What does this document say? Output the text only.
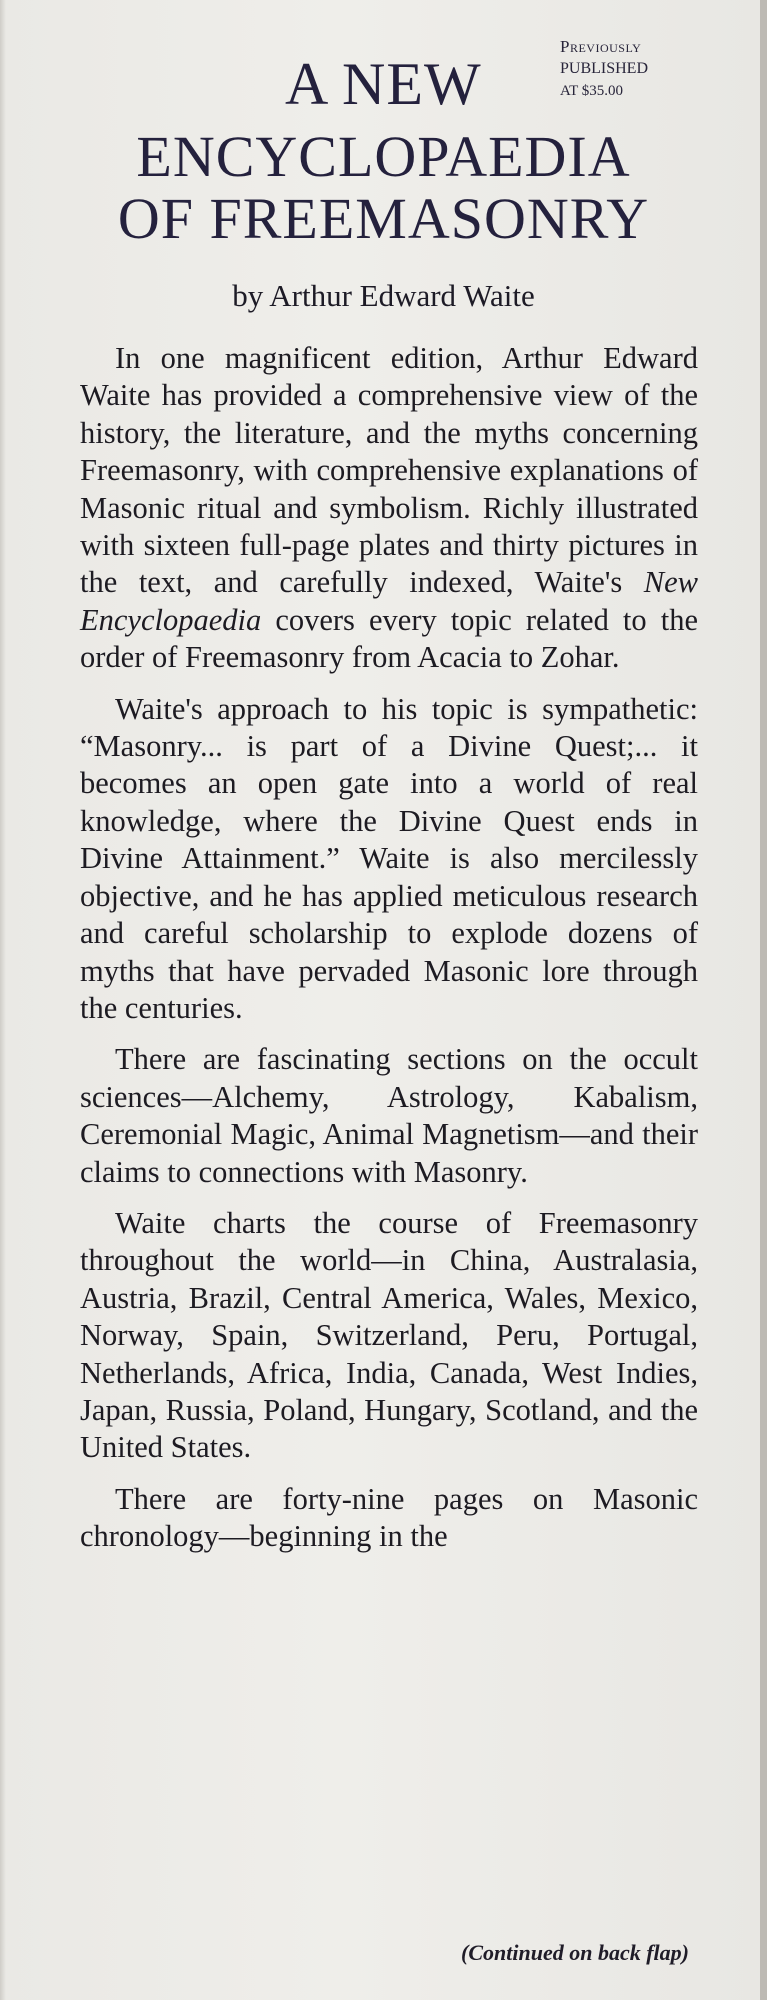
Previously
PUBLISHED
AT $35.00
A NEW
ENCYCLOPAEDIA
OF FREEMASONRY
by Arthur Edward Waite

In one magnificent edition, Arthur Edward Waite has provided a comprehensive view of the history, the literature, and the myths concerning Freemasonry, with comprehensive explanations of Masonic ritual and symbolism. Richly illustrated with sixteen full-page plates and thirty pictures in the text, and carefully indexed, Waite's New Encyclopaedia covers every topic related to the order of Freemasonry from Acacia to Zohar.

Waite's approach to his topic is sympathetic: “Masonry... is part of a Divine Quest;... it becomes an open gate into a world of real knowledge, where the Divine Quest ends in Divine Attainment.” Waite is also mercilessly objective, and he has applied meticulous research and careful scholarship to explode dozens of myths that have pervaded Masonic lore through the centuries.

There are fascinating sections on the occult sciences—Alchemy, Astrology, Kabalism, Ceremonial Magic, Animal Magnetism—and their claims to connections with Masonry.

Waite charts the course of Freemasonry throughout the world—in China, Australasia, Austria, Brazil, Central America, Wales, Mexico, Norway, Spain, Switzerland, Peru, Portugal, Netherlands, Africa, India, Canada, West Indies, Japan, Russia, Poland, Hungary, Scotland, and the United States.

There are forty-nine pages on Masonic chronology—beginning in the

(Continued on back flap)
